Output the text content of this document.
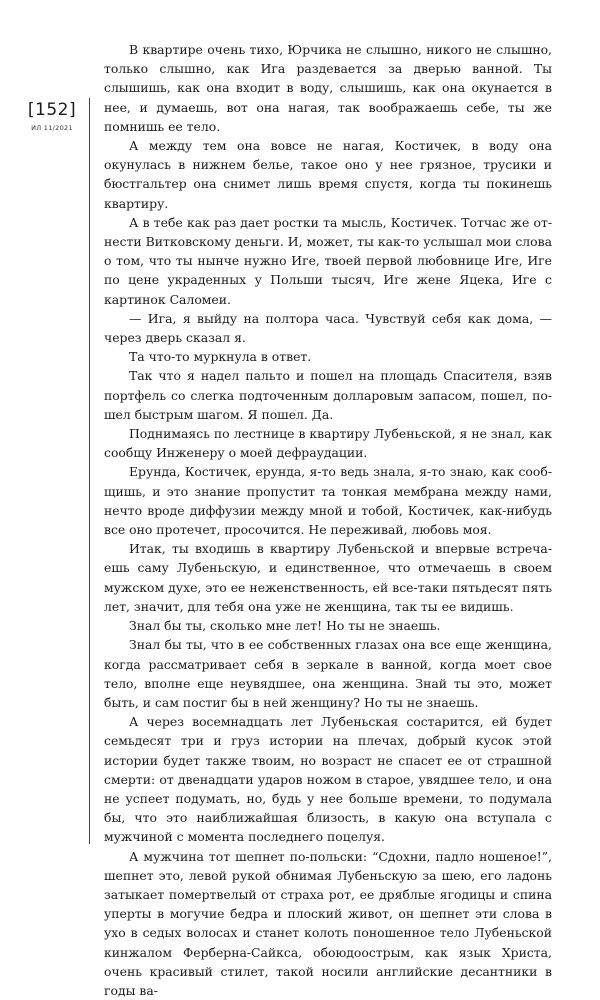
[152]
ИЛ 11/2021

В квартире очень тихо, Юрчика не слышно, никого не слышно, только слышно, как Ига раздевается за дверью ванной. Ты слышишь, как она входит в воду, слышишь, как она окунается в нее, и думаешь, вот она нагая, так воображаешь себе, ты же помнишь ее тело.

А между тем она вовсе не нагая, Костичек, в воду она окунулась в нижнем белье, такое оно у нее грязное, трусики и бюстгальтер она снимет лишь время спустя, когда ты покинешь квартиру.

А в тебе как раз дает ростки та мысль, Костичек. Тотчас же отнести Витковскому деньги. И, может, ты как-то услышал мои слова о том, что ты нынче нужно Иге, твоей первой любовнице Иге, Иге по цене украденных у Польши тысяч, Иге жене Яцека, Иге с картинок Саломеи.

— Ига, я выйду на полтора часа. Чувствуй себя как дома, — через дверь сказал я.

Та что-то муркнула в ответ.

Так что я надел пальто и пошел на площадь Спасителя, взяв портфель со слегка подточенным долларовым запасом, пошел, пошел быстрым шагом. Я пошел. Да.

Поднимаясь по лестнице в квартиру Лубеньской, я не знал, как сообщу Инженеру о моей дефраудации.

Ерунда, Костичек, ерунда, я-то ведь знала, я-то знаю, как сообщишь, и это знание пропустит та тонкая мембрана между нами, нечто вроде диффузии между мной и тобой, Костичек, как-нибудь все оно протечет, просочится. Не переживай, любовь моя.

Итак, ты входишь в квартиру Лубеньской и впервые встречаешь саму Лубеньскую, и единственное, что отмечаешь в своем мужском духе, это ее неженственность, ей все-таки пятьдесят пять лет, значит, для тебя она уже не женщина, так ты ее видишь.

Знал бы ты, сколько мне лет! Но ты не знаешь.

Знал бы ты, что в ее собственных глазах она все еще женщина, когда рассматривает себя в зеркале в ванной, когда моет свое тело, вполне еще неувядшее, она женщина. Знай ты это, может быть, и сам постиг бы в ней женщину? Но ты не знаешь.

А через восемнадцать лет Лубеньская состарится, ей будет семьдесят три и груз истории на плечах, добрый кусок этой истории будет также твоим, но возраст не спасет ее от страшной смерти: от двенадцати ударов ножом в старое, увядшее тело, и она не успеет подумать, но, будь у нее больше времени, то подумала бы, что это наиближайшая близость, в какую она вступала с мужчиной с момента последнего поцелуя.

А мужчина тот шепнет по-польски: “Сдохни, падло ношеное!”, шепнет это, левой рукой обнимая Лубеньскую за шею, его ладонь затыкает помертвелый от страха рот, ее дряблые ягодицы и спина уперты в могучие бедра и плоский живот, он шепнет эти слова в ухо в седых волосах и станет колоть поношенное тело Лубеньской кинжалом Ферберна-Сайкса, обоюдоострым, как язык Христа, очень красивый стилет, такой носили английские десантники в годы ва-
